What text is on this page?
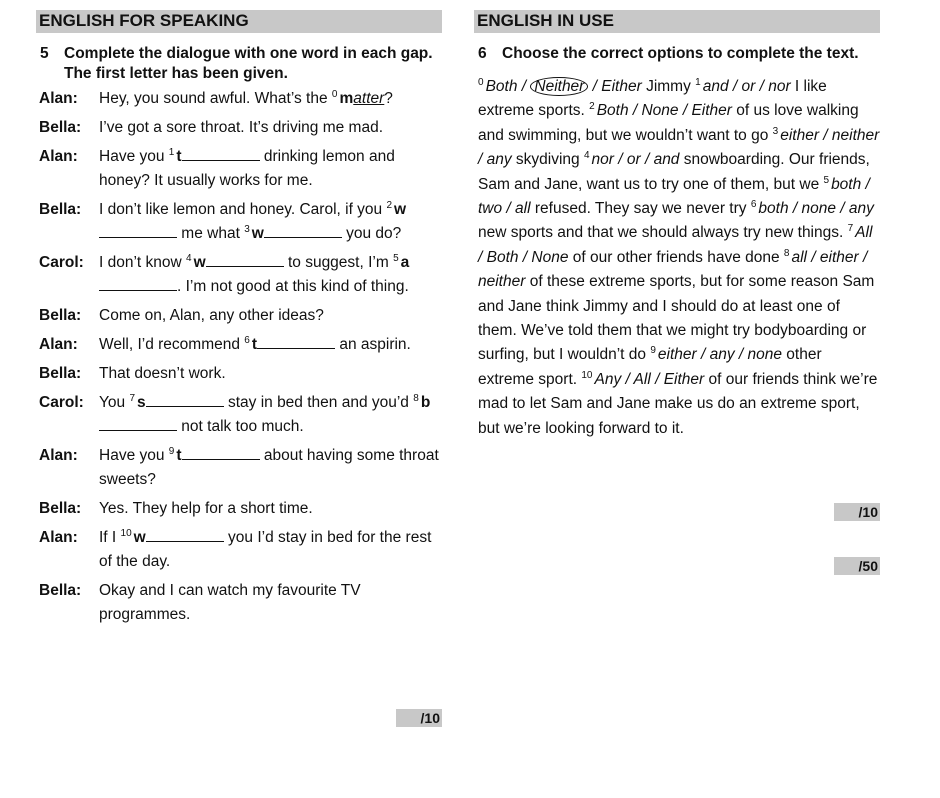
ENGLISH FOR SPEAKING
5 Complete the dialogue with one word in each gap. The first letter has been given.
Alan: Hey, you sound awful. What’s the $^0$ matter?
Bella: I’ve got a sore throat. It’s driving me mad.
Alan: Have you $^1$ t	drinking lemon and honey? It usually works for me.
Bella: I don’t like lemon and honey. Carol, if you $^2$ w me what $^3$ w	you do?
Carol: I don’t know $^4$ w	to suggest, I’m $^5$ a. I’m not good at this kind of thing.
Bella: Come on, Alan, any other ideas?
Alan: Well, I’d recommend $^6$ t	an aspirin.
Bella: That doesn’t work.
Carol: You $^7$ s	stay in bed then and you’d $^8$ b not talk too much.
Alan: Have you $^9$ t	about having some throat sweets?
Bella: Yes. They help for a short time.
Alan: If I $^{10}$ w	you I’d stay in bed for the rest of the day.
Bella: Okay and I can watch my favourite TV programmes.
ENGLISH IN USE
6 Choose the correct options to complete the text.
$^0$ Both / Neither / Either Jimmy $^1$ and / or / nor I like extreme sports. $^2$ Both / None / Either of us love walking and swimming, but we wouldn’t want to go $^3$ either / neither / any skydiving $^4$ nor / or / and snowboarding. Our friends, Sam and Jane, want us to try one of them, but we $^5$ both / two / all refused. They say we never try $^6$ both / none / any new sports and that we should always try new things. $^7$ All / Both / None of our other friends have done $^8$ all / either / neither of these extreme sports, but for some reason Sam and Jane think Jimmy and I should do at least one of them. We’ve told them that we might try bodyboarding or surfing, but I wouldn’t do $^9$ either / any / none other extreme sport. $^{10}$ Any / All / Either of our friends think we’re mad to let Sam and Jane make us do an extreme sport, but we’re looking forward to it.
/10
/50
/10
